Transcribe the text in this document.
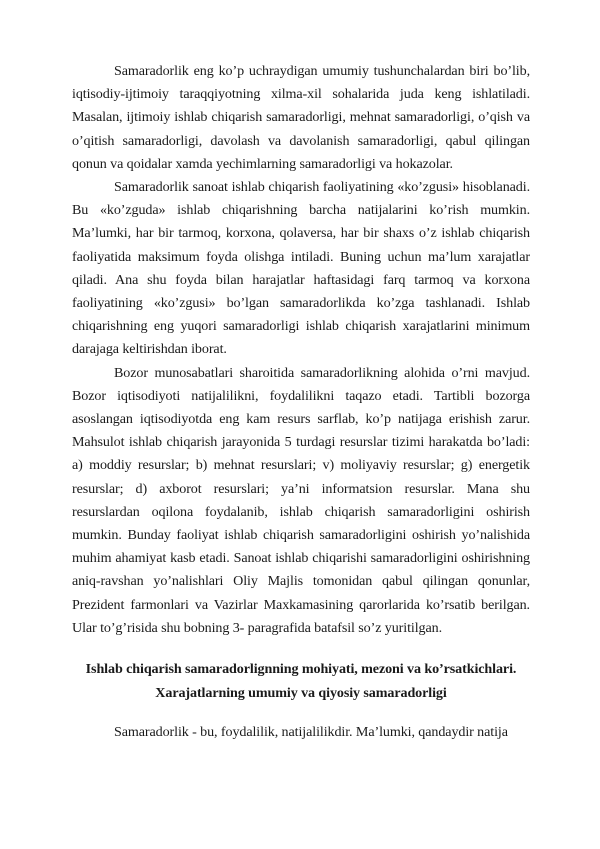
Samaradorlik eng ko’p uchraydigan umumiy tushunchalardan biri bo’lib, iqtisodiy-ijtimoiy taraqqiyotning xilma-xil sohalarida juda keng ishlatiladi. Masalan, ijtimoiy ishlab chiqarish samaradorligi, mehnat samaradorligi, o’qish va o’qitish samaradorligi, davolash va davolanish samaradorligi, qabul qilingan qonun va qoidalar xamda yechimlarning samaradorligi va hokazolar.

Samaradorlik sanoat ishlab chiqarish faoliyatining «ko’zgusi» hisoblanadi. Bu «ko’zguda» ishlab chiqarishning barcha natijalarini ko’rish mumkin. Ma’lumki, har bir tarmoq, korxona, qolaversa, har bir shaxs o’z ishlab chiqarish faoliyatida maksimum foyda olishga intiladi. Buning uchun ma’lum xarajatlar qiladi. Ana shu foyda bilan harajatlar haftasidagi farq tarmoq va korxona faoliyatining «ko’zgusi» bo’lgan samaradorlikda ko’zga tashlanadi. Ishlab chiqarishning eng yuqori samaradorligi ishlab chiqarish xarajatlarini minimum darajaga keltirishdan iborat.

Bozor munosabatlari sharoitida samaradorlikning alohida o’rni mavjud. Bozor iqtisodiyoti natijalilikni, foydalilikni taqazo etadi. Tartibli bozorga asoslangan iqtisodiyotda eng kam resurs sarflab, ko’p natijaga erishish zarur. Mahsulot ishlab chiqarish jarayonida 5 turdagi resurslar tizimi harakatda bo’ladi: a) moddiy resurslar; b) mehnat resurslari; v) moliyaviy resurslar; g) energetik resurslar; d) axborot resurslari; ya’ni informatsion resurslar. Mana shu resurslardan oqilona foydalanib, ishlab chiqarish samaradorligini oshirish mumkin. Bunday faoliyat ishlab chiqarish samaradorligini oshirish yo’nalishida muhim ahamiyat kasb etadi. Sanoat ishlab chiqarishi samaradorligini oshirishning aniq-ravshan yo’nalishlari Oliy Majlis tomonidan qabul qilingan qonunlar, Prezident farmonlari va Vazirlar Maxkamasining qarorlarida ko’rsatib berilgan. Ular to’g’risida shu bobning 3- paragrafida batafsil so’z yuritilgan.

Ishlab chiqarish samaradorlignning mohiyati, mezoni va ko’rsatkichlari.
Xarajatlarning umumiy va qiyosiy samaradorligi

Samaradorlik - bu, foydalilik, natijalilikdir. Ma’lumki, qandaydir natija
